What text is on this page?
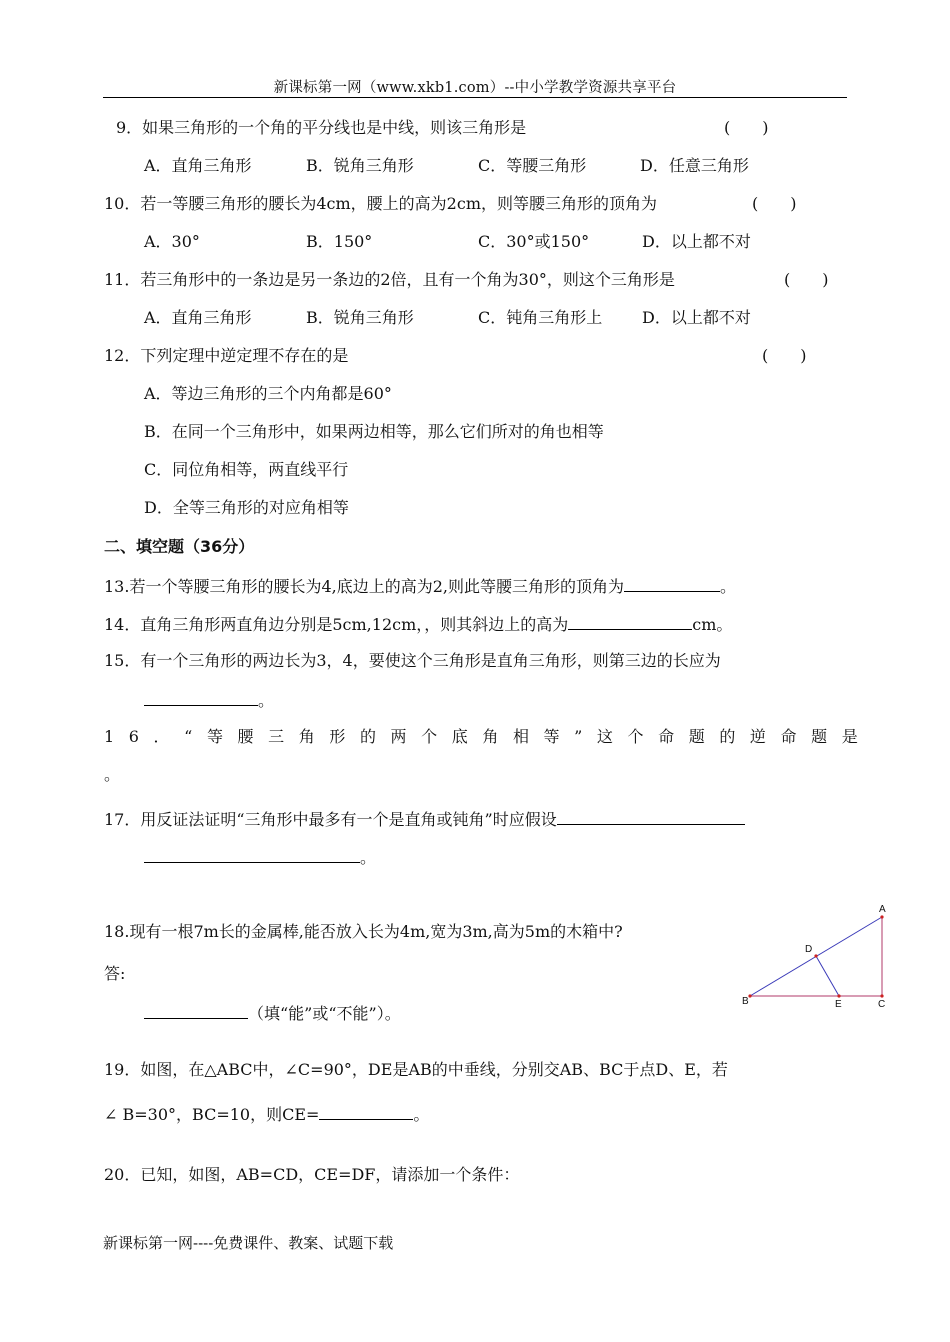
新课标第一网（www.xkb1.com）--中小学教学资源共享平台
9．如果三角形的一个角的平分线也是中线，则该三角形是	(　　)
A．直角三角形	B．锐角三角形	C．等腰三角形	D．任意三角形
10．若一等腰三角形的腰长为4cm，腰上的高为2cm，则等腰三角形的顶角为	(　　)
A．30°	B．150°	C．30°或150°	D．以上都不对
11．若三角形中的一条边是另一条边的2倍，且有一个角为30°，则这个三角形是	(　　)
A．直角三角形	B．锐角三角形	C．钝角三角形上 D．以上都不对
12．下列定理中逆定理不存在的是	(　　)
A．等边三角形的三个内角都是60°
B．在同一个三角形中，如果两边相等，那么它们所对的角也相等
C．同位角相等，两直线平行
D．全等三角形的对应角相等
二、填空题（36分）
13.若一个等腰三角形的腰长为4,底边上的高为2,则此等腰三角形的顶角为	。
14．直角三角形两直角边分别是5cm,12cm，，则其斜边上的高为	cm。
15．有一个三角形的两边长为3，4，要使这个三角形是直角三角形，则第三边的长应为
。
16．“等腰三角形的两个底角相等”这个命题的逆命题是
。
17．用反证法证明“三角形中最多有一个是直角或钝角”时应假设
。
18.现有一根7m长的金属棒,能否放入长为4m,宽为3m,高为5m的木箱中?
答:
（填“能”或“不能”）。
A
B	C
D
E
19．如图，在△ABC中，∠C=90°，DE是AB的中垂线，分别交AB、BC于点D、E，若
∠ B=30°，BC=10，则CE=	。
20．已知，如图，AB=CD，CE=DF，请添加一个条件：
新课标第一网----免费课件、教案、试题下载
